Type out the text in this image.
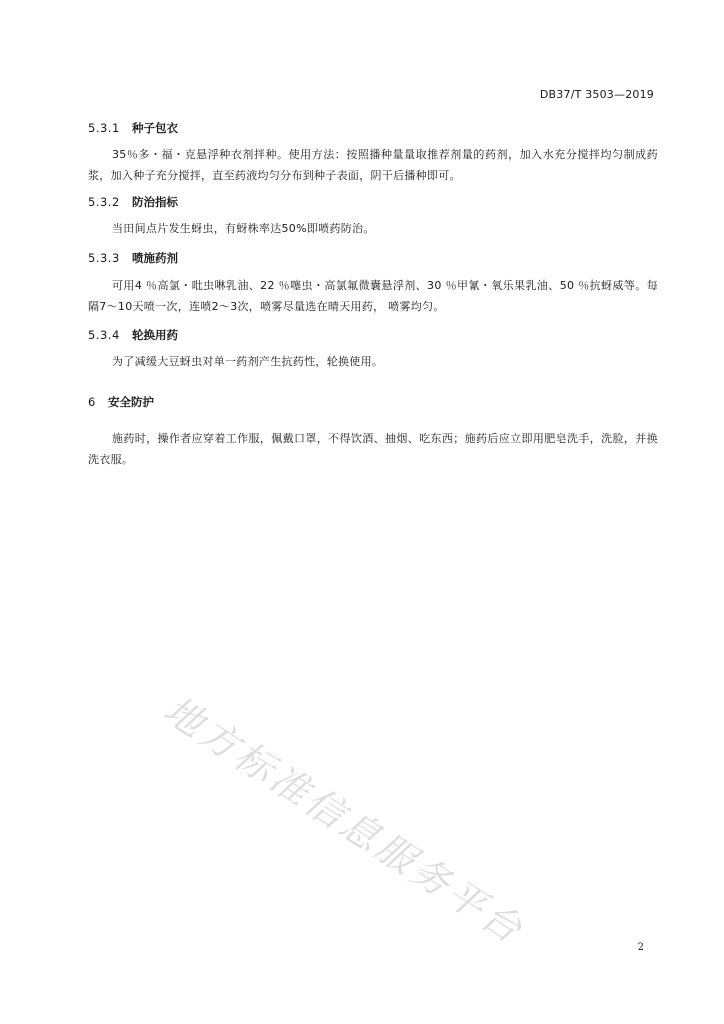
DB37/T 3503—2019
5.3.1 种子包衣
35％多・福・克悬浮种衣剂拌种。使用方法：按照播种量量取推荐剂量的药剂，加入水充分搅拌均匀制成药浆，加入种子充分搅拌，直至药液均匀分布到种子表面，阴干后播种即可。
5.3.2 防治指标
当田间点片发生蚜虫，有蚜株率达50%即喷药防治。
5.3.3 喷施药剂
可用4 ％高氯・吡虫啉乳油、22 ％噻虫・高氯氟微囊悬浮剂、30 ％甲氰・氧乐果乳油、50 ％抗蚜威等。每隔7～10天喷一次，连喷2～3次，喷雾尽量选在晴天用药， 喷雾均匀。
5.3.4 轮换用药
为了减缓大豆蚜虫对单一药剂产生抗药性，轮换使用。
6 安全防护
施药时，操作者应穿着工作服，佩戴口罩，不得饮酒、抽烟、吃东西；施药后应立即用肥皂洗手，洗脸，并换洗衣服。
地方标准信息服务平台	2
